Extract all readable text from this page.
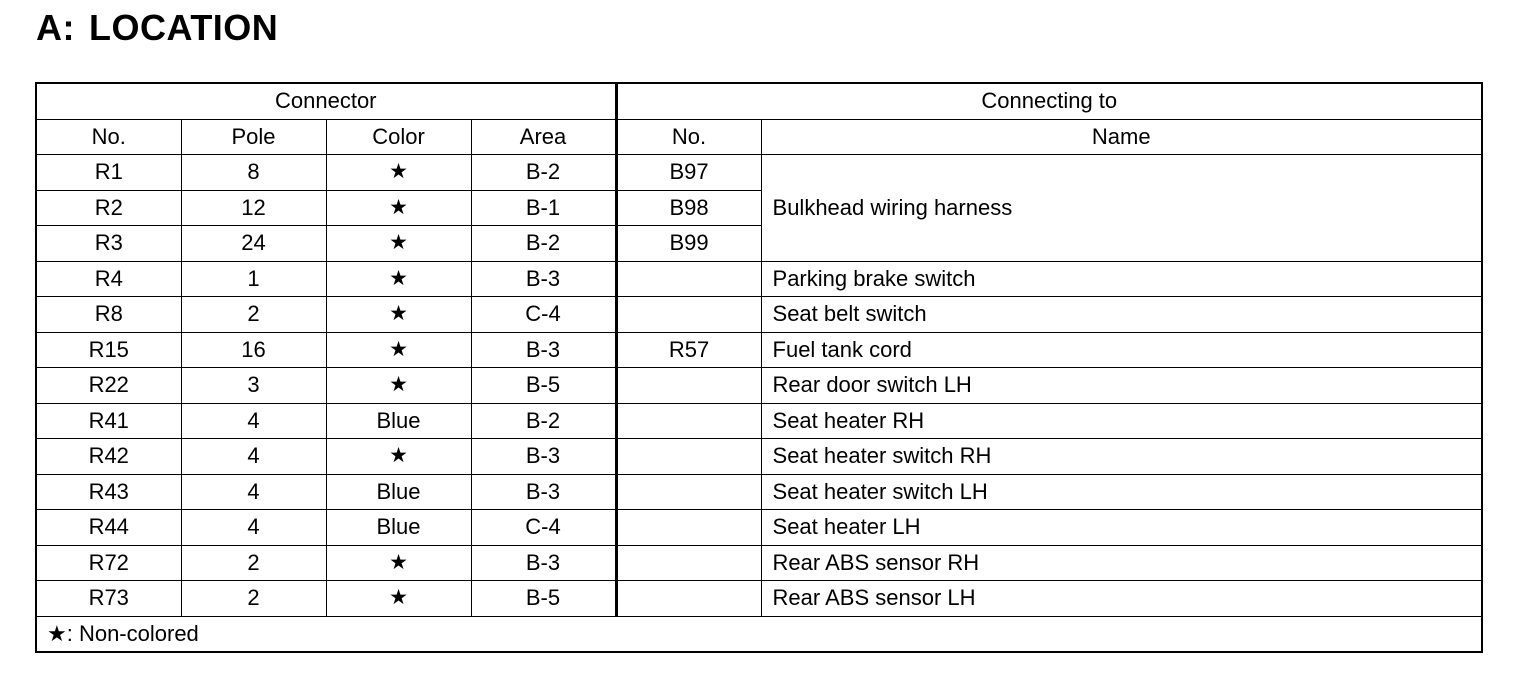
A: LOCATION
Connector				Connecting to	
No.	Pole	Color	Area	No.	Name
R1	8	★	B-2	B97	Bulkhead wiring harness
R2	12	★	B-1	B98	
R3	24	★	B-2	B99	
R4	1	★	B-3		Parking brake switch
R8	2	★	C-4		Seat belt switch
R15	16	★	B-3	R57	Fuel tank cord
R22	3	★	B-5		Rear door switch LH
R41	4	Blue	B-2		Seat heater RH
R42	4	★	B-3		Seat heater switch RH
R43	4	Blue	B-3		Seat heater switch LH
R44	4	Blue	C-4		Seat heater LH
R72	2	★	B-3		Rear ABS sensor RH
R73	2	★	B-5		Rear ABS sensor LH
★: Non-colored					
